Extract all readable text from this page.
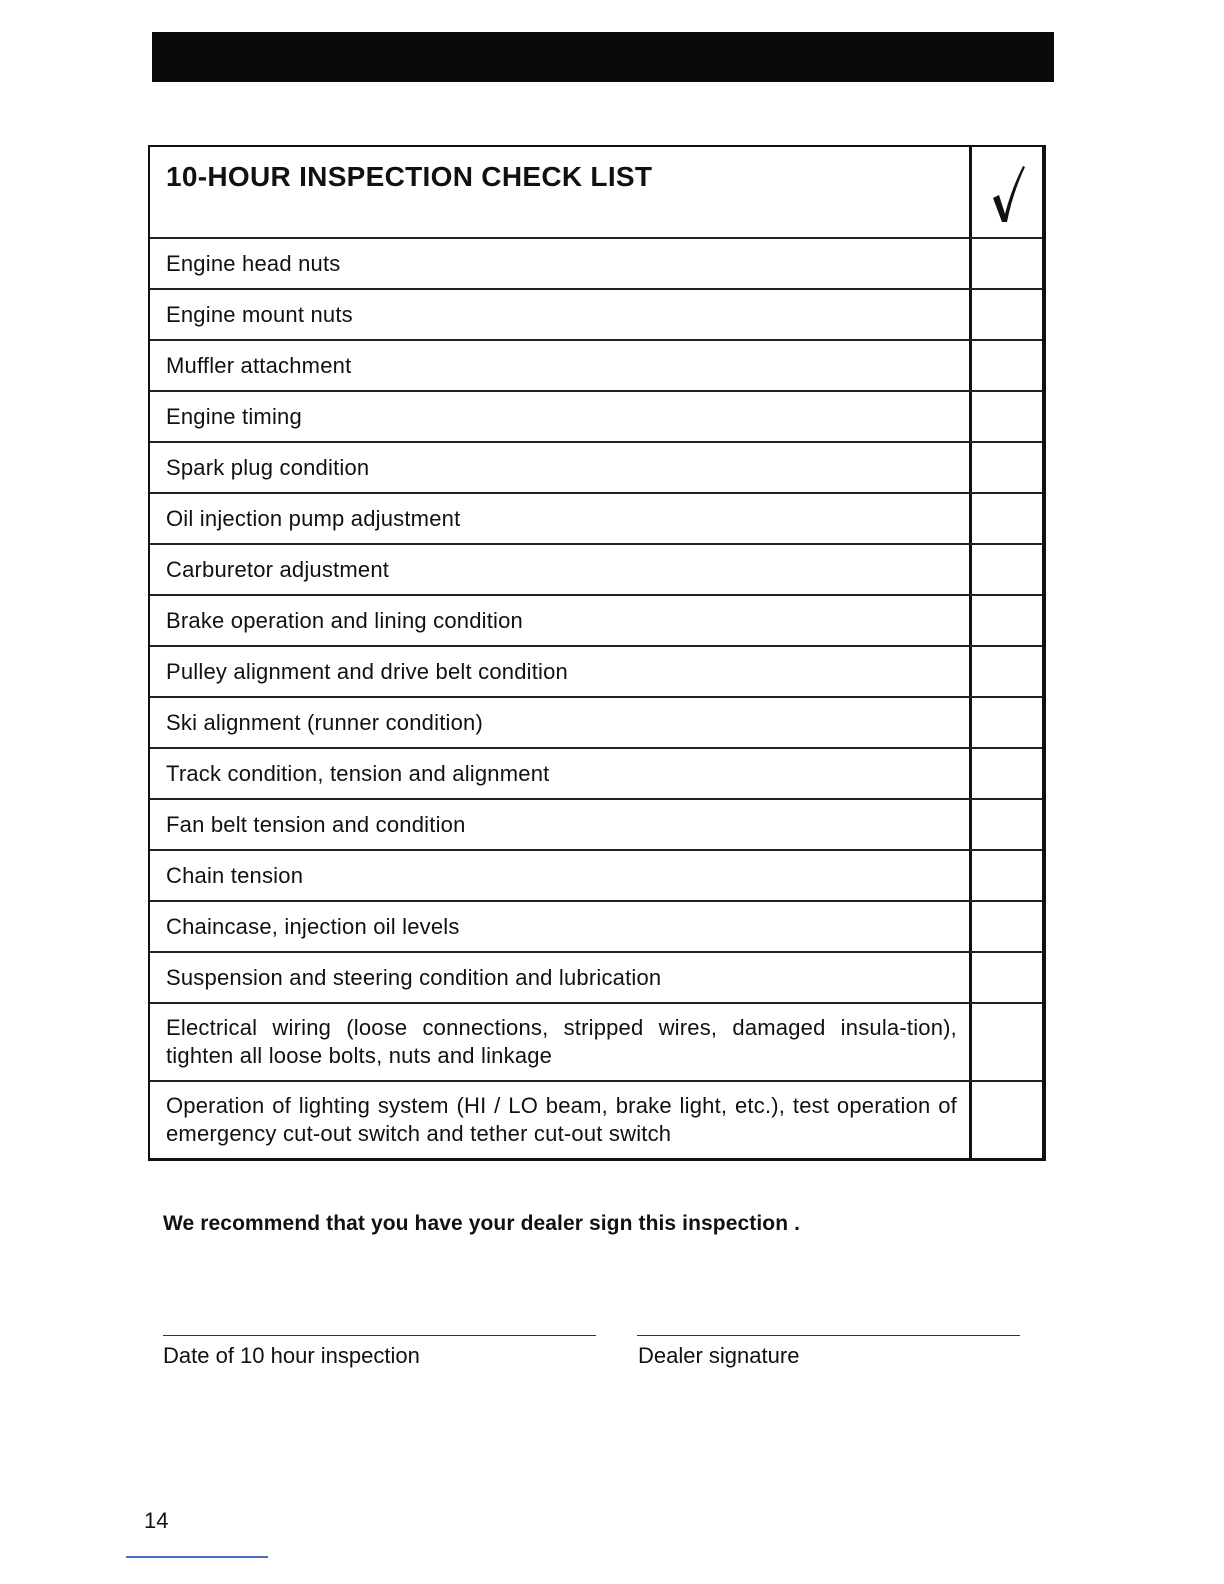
10-HOUR INSPECTION CHECK LIST
Engine head nuts
Engine mount nuts
Muffler attachment
Engine timing
Spark plug condition
Oil injection pump adjustment
Carburetor adjustment
Brake operation and lining condition
Pulley alignment and drive belt condition
Ski alignment (runner condition)
Track condition, tension and alignment
Fan belt tension and condition
Chain tension
Chaincase, injection oil levels
Suspension and steering condition and lubrication
Electrical wiring (loose connections, stripped wires, damaged insula-tion), tighten all loose bolts, nuts and linkage
Operation of lighting system (HI / LO beam, brake light, etc.), test operation of emergency cut-out switch and tether cut-out switch
We recommend that you have your dealer sign this inspection .
Date of 10 hour inspection	Dealer signature
14
